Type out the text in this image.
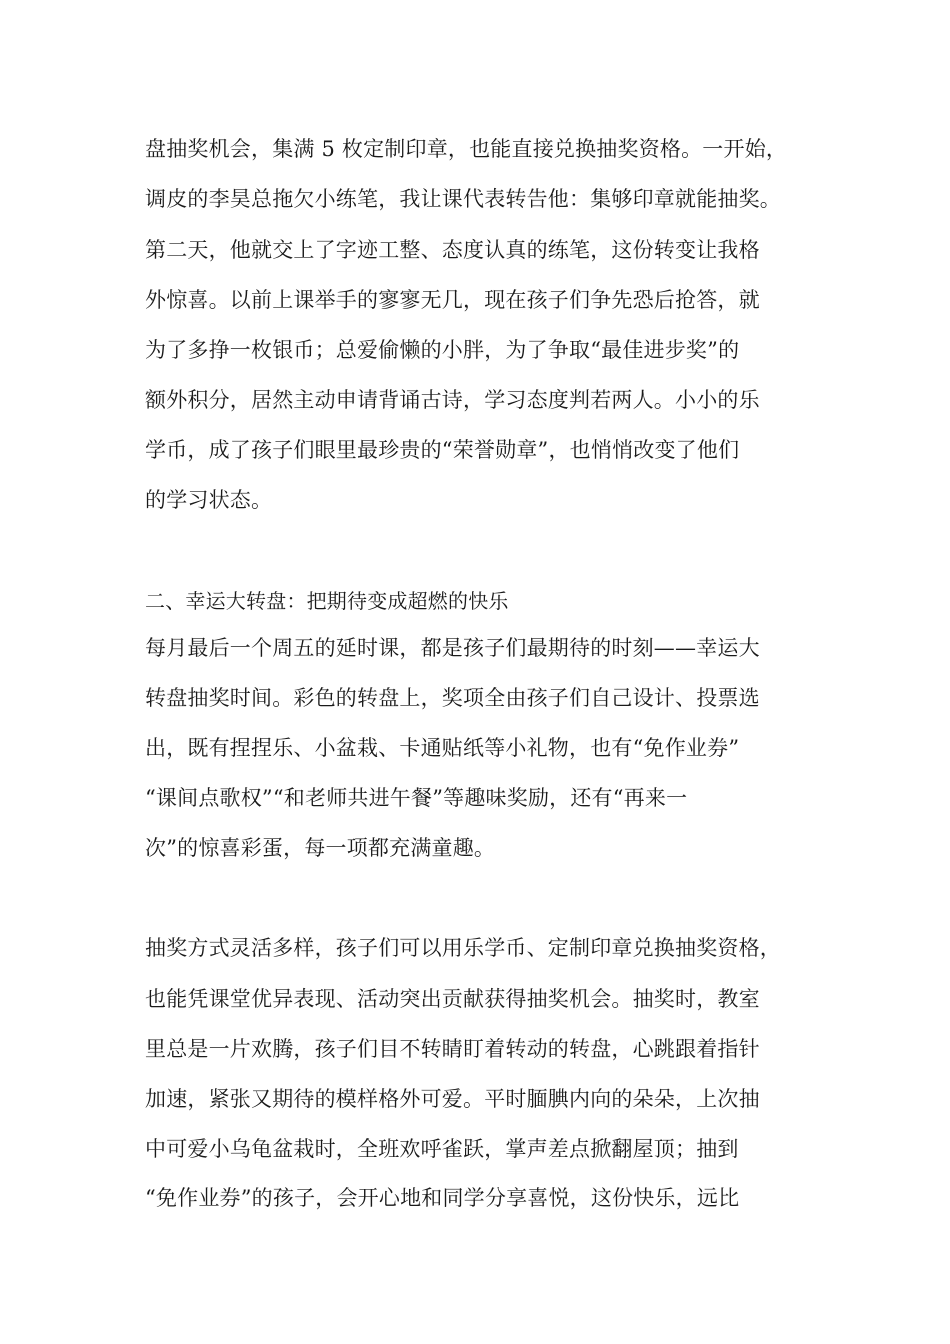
盘抽奖机会，集满 5 枚定制印章，也能直接兑换抽奖资格。一开始，
调皮的李昊总拖欠小练笔，我让课代表转告他：集够印章就能抽奖。
第二天，他就交上了字迹工整、态度认真的练笔，这份转变让我格
外惊喜。以前上课举手的寥寥无几，现在孩子们争先恐后抢答，就
为了多挣一枚银币；总爱偷懒的小胖，为了争取“最佳进步奖”的
额外积分，居然主动申请背诵古诗，学习态度判若两人。小小的乐
学币，成了孩子们眼里最珍贵的“荣誉勋章”，也悄悄改变了他们
的学习状态。
二、幸运大转盘：把期待变成超燃的快乐
每月最后一个周五的延时课，都是孩子们最期待的时刻——幸运大
转盘抽奖时间。彩色的转盘上，奖项全由孩子们自己设计、投票选
出，既有捏捏乐、小盆栽、卡通贴纸等小礼物，也有“免作业券”
“课间点歌权”“和老师共进午餐”等趣味奖励，还有“再来一
次”的惊喜彩蛋，每一项都充满童趣。
抽奖方式灵活多样，孩子们可以用乐学币、定制印章兑换抽奖资格，
也能凭课堂优异表现、活动突出贡献获得抽奖机会。抽奖时，教室
里总是一片欢腾，孩子们目不转睛盯着转动的转盘，心跳跟着指针
加速，紧张又期待的模样格外可爱。平时腼腆内向的朵朵，上次抽
中可爱小乌龟盆栽时，全班欢呼雀跃，掌声差点掀翻屋顶；抽到
“免作业券”的孩子，会开心地和同学分享喜悦，这份快乐，远比
